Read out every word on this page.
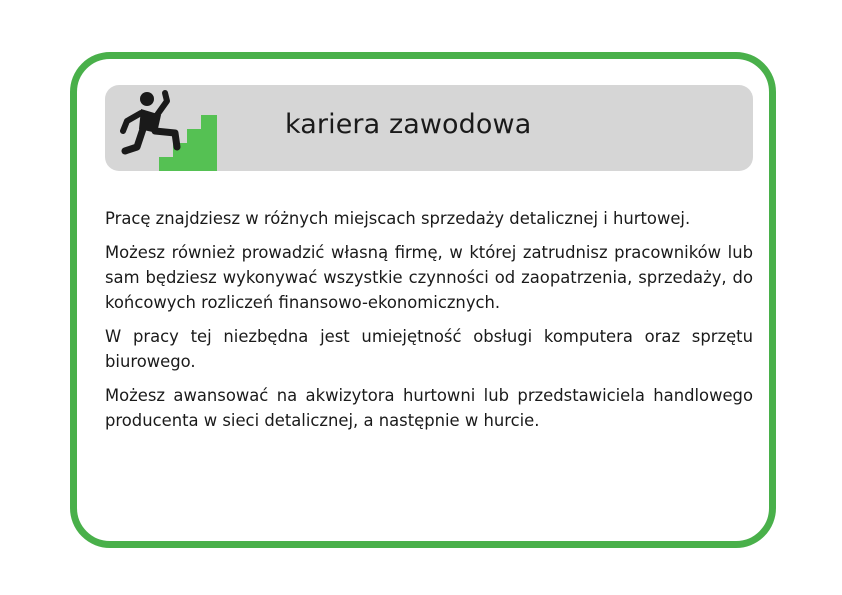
kariera zawodowa

Pracę znajdziesz w różnych miejscach sprzedaży detalicznej i hurtowej.

Możesz również prowadzić własną firmę, w której zatrudnisz pracowników lub sam będziesz wykonywać wszystkie czynności od zaopatrzenia, sprzedaży, do końcowych rozliczeń finansowo-ekonomicznych.

W pracy tej niezbędna jest umiejętność obsługi komputera oraz sprzętu biurowego.

Możesz awansować na akwizytora hurtowni lub przedstawiciela handlowego producenta w sieci detalicznej, a następnie w hurcie.
